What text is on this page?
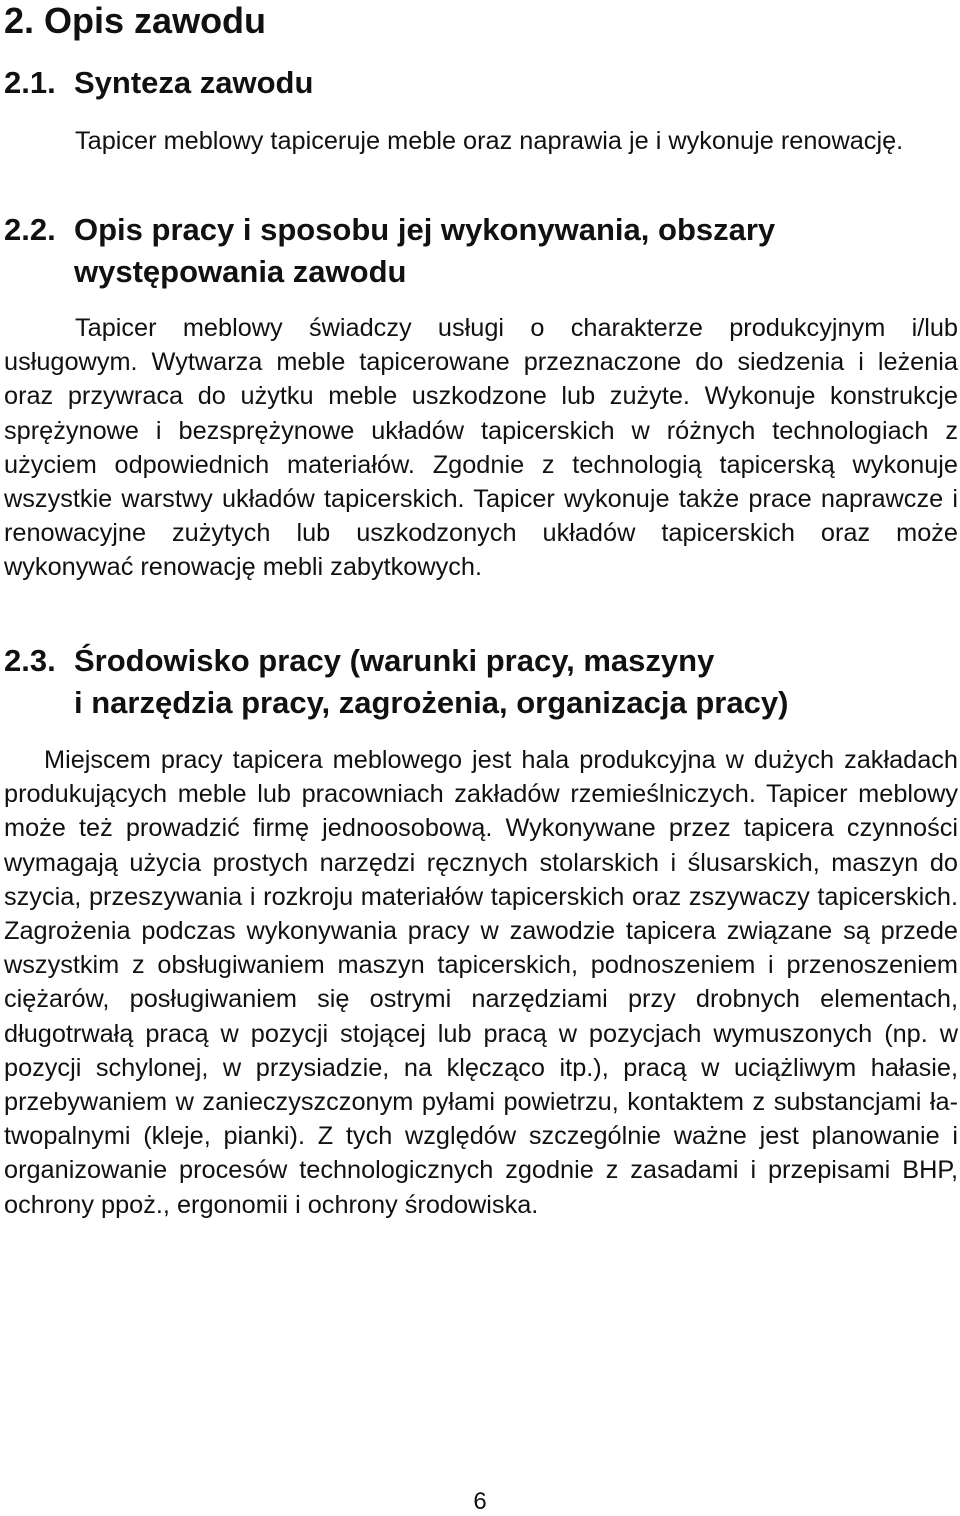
2. Opis zawodu
2.1. Synteza zawodu

Tapicer meblowy tapiceruje meble oraz naprawia je i wykonuje renowację.

2.2. Opis pracy i sposobu jej wykonywania, obszary
występowania zawodu

Tapicer meblowy świadczy usługi o charakterze produkcyjnym i/lub usługowym. Wytwarza meble tapicerowane przeznaczone do siedzenia i leżenia oraz przywraca do użytku meble uszkodzone lub zużyte. Wykonuje konstrukcje sprężynowe i bezsprężynowe układów tapicerskich w różnych technologiach z użyciem odpowiednich materiałów. Zgodnie z technologią tapicerską wykonuje wszystkie warstwy układów tapicerskich. Tapicer wykonuje także prace naprawcze i renowacyjne zużytych lub uszkodzonych układów tapicerskich oraz może wykonywać renowację mebli zabytkowych.

2.3. Środowisko pracy (warunki pracy, maszyny
i narzędzia pracy, zagrożenia, organizacja pracy)

Miejscem pracy tapicera meblowego jest hala produkcyjna w dużych zakładach produkujących meble lub pracowniach zakładów rzemieślniczych. Tapicer meblowy może też prowadzić firmę jednoosobową. Wykonywane przez tapicera czynności wymagają użycia prostych narzędzi ręcznych stolarskich i ślusarskich, maszyn do szycia, przeszywania i rozkroju materiałów tapicerskich oraz zszywaczy tapicerskich. Zagrożenia podczas wykonywania pracy w zawodzie tapicera związane są przede wszystkim z obsługiwaniem maszyn tapicerskich, podnoszeniem i przenoszeniem ciężarów, posługiwaniem się ostrymi narzędziami przy drobnych elementach, długotrwałą pracą w pozycji stojącej lub pracą w pozycjach wymuszonych (np. w pozycji schylonej, w przysiadzie, na klęcząco itp.), pracą w uciążliwym hałasie, przebywaniem w zanieczyszczonym pyłami powietrzu, kontaktem z substancjami łatwopalnymi (kleje, pianki). Z tych względów szczególnie ważne jest planowanie i organizowanie procesów technologicznych zgodnie z zasadami i przepisami BHP, ochrony ppoż., ergonomii i ochrony środowiska.

6
